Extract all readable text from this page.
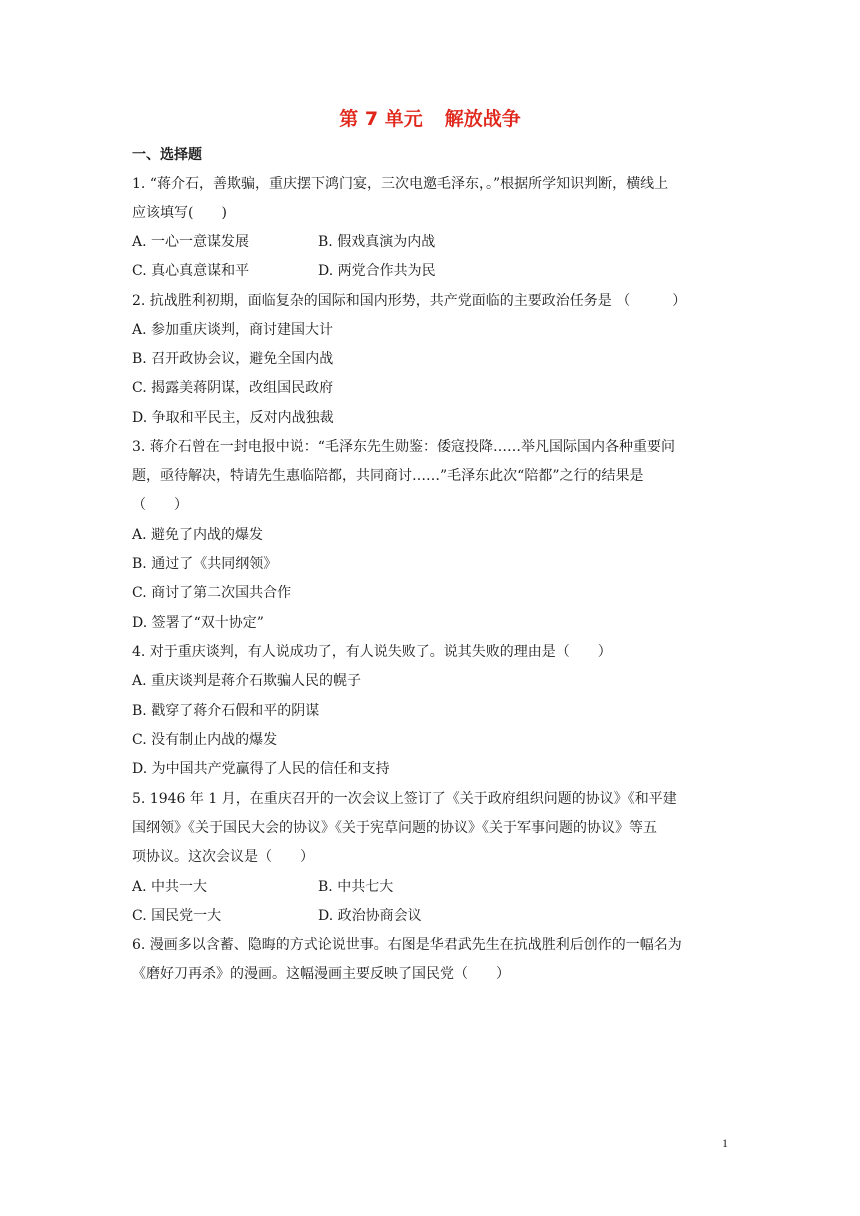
第 7 单元 解放战争
一、选择题
1. “蒋介石，善欺骗，重庆摆下鸿门宴，三次电邀毛泽东，。”根据所学知识判断，横线上
应该填写(　　)
A. 一心一意谋发展	B. 假戏真演为内战
C. 真心真意谋和平	D. 两党合作共为民
2. 抗战胜利初期，面临复杂的国际和国内形势，共产党面临的主要政治任务是 （　　　）
A. 参加重庆谈判，商讨建国大计
B. 召开政协会议，避免全国内战
C. 揭露美蒋阴谋，改组国民政府
D. 争取和平民主，反对内战独裁
3. 蒋介石曾在一封电报中说：“毛泽东先生勋鉴：倭寇投降……举凡国际国内各种重要问
题，亟待解决，特请先生惠临陪都，共同商讨……”毛泽东此次“陪都”之行的结果是
（　　）
A. 避免了内战的爆发
B. 通过了《共同纲领》
C. 商讨了第二次国共合作
D. 签署了“双十协定”
4. 对于重庆谈判，有人说成功了，有人说失败了。说其失败的理由是（　　）
A. 重庆谈判是蒋介石欺骗人民的幌子
B. 戳穿了蒋介石假和平的阴谋
C. 没有制止内战的爆发
D. 为中国共产党赢得了人民的信任和支持
5. 1946 年 1 月，在重庆召开的一次会议上签订了《关于政府组织问题的协议》《和平建
国纲领》《关于国民大会的协议》《关于宪草问题的协议》《关于军事问题的协议》等五
项协议。这次会议是（　　）
A. 中共一大	B. 中共七大
C. 国民党一大	D. 政治协商会议
6. 漫画多以含蓄、隐晦的方式论说世事。右图是华君武先生在抗战胜利后创作的一幅名为
《磨好刀再杀》的漫画。这幅漫画主要反映了国民党（　　）
1
